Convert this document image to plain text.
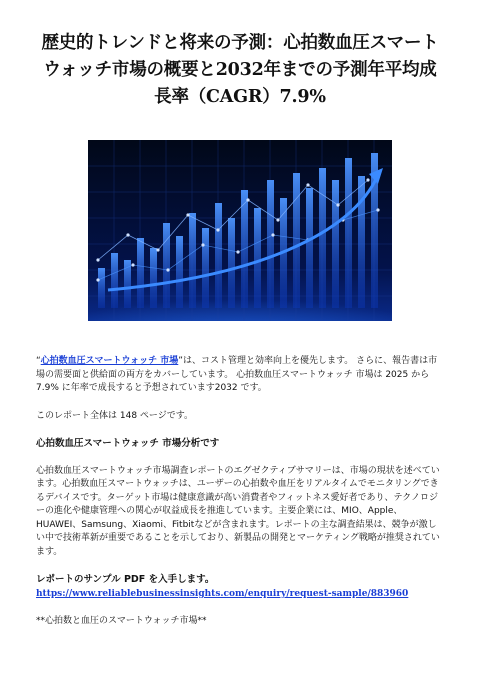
歴史的トレンドと将来の予測：心拍数血圧スマートウォッチ市場の概要と2032年までの予測年平均成長率（CAGR）7.9%

“心拍数血圧スマートウォッチ 市場”は、コスト管理と効率向上を優先します。 さらに、報告書は市場の需要面と供給面の両方をカバーしています。 心拍数血圧スマートウォッチ 市場は 2025 から 7.9% に年率で成長すると予想されています2032 です。

このレポート全体は 148 ページです。

心拍数血圧スマートウォッチ 市場分析です

心拍数血圧スマートウォッチ市場調査レポートのエグゼクティブサマリーは、市場の現状を述べています。心拍数血圧スマートウォッチは、ユーザーの心拍数や血圧をリアルタイムでモニタリングできるデバイスです。ターゲット市場は健康意識が高い消費者やフィットネス愛好者であり、テクノロジーの進化や健康管理への関心が収益成長を推進しています。主要企業には、MIO、Apple、HUAWEI、Samsung、Xiaomi、Fitbitなどが含まれます。レポートの主な調査結果は、競争が激しい中で技術革新が重要であることを示しており、新製品の開発とマーケティング戦略が推奨されています。

レポートのサンプル PDF を入手します。 https://www.reliablebusinessinsights.com/enquiry/request-sample/883960

**心拍数と血圧のスマートウォッチ市場**
